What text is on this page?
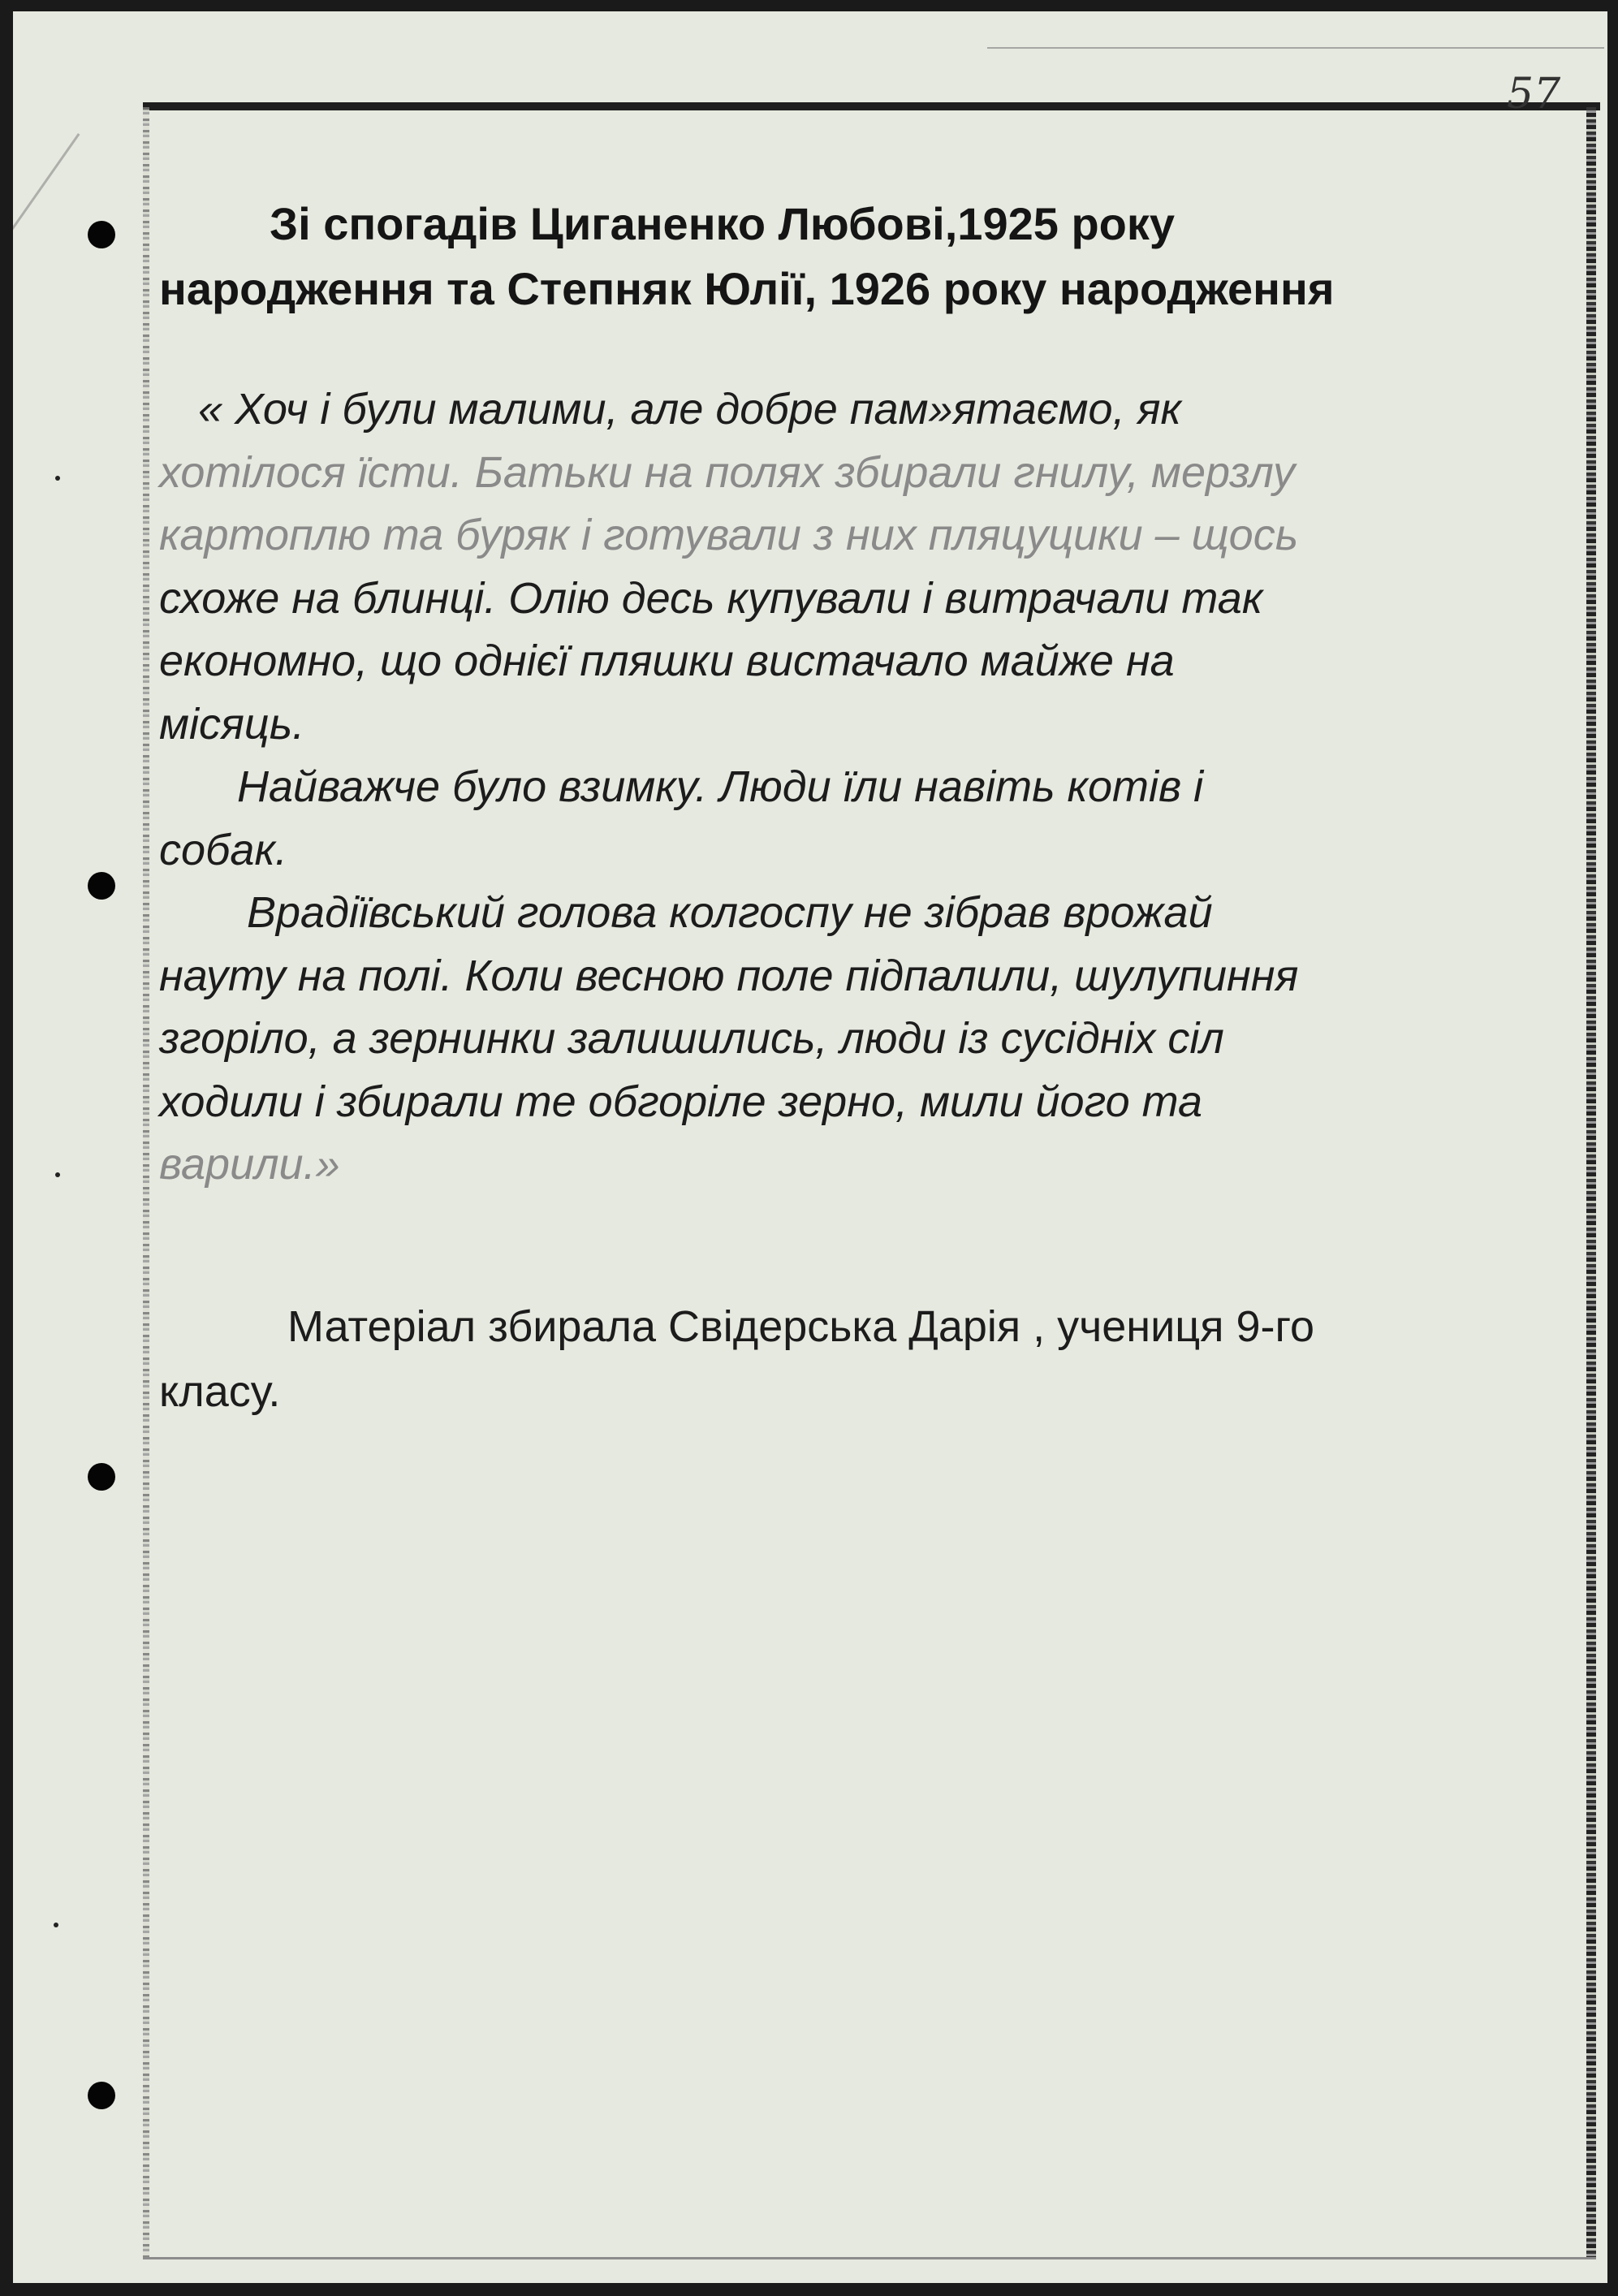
57
Зі спогадів Циганенко Любові,1925 року
народження та Степняк Юлії, 1926 року народження
« Хоч і були малими, але добре пам»ятаємо, як
хотілося їсти. Батьки на полях збирали гнилу, мерзлу
картоплю та буряк і готували з них пляцуцики – щось
схоже на блинці. Олію десь купували і витрачали так
економно, що однієї пляшки вистачало майже на
місяць.
Найважче було взимку. Люди їли навіть котів і
собак.
Врадіївський голова колгоспу не зібрав врожай
науту на полі. Коли весною поле підпалили, шулупиння
згоріло, а зернинки залишились, люди із сусідніх сіл
ходили і збирали те обгоріле зерно, мили його та
варили.»
Матеріал збирала Свідерська Дарія , учениця 9-го
класу.
